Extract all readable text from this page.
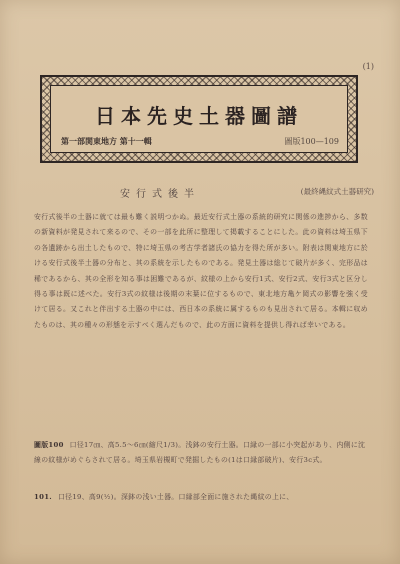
(1)
日本先史土器圖譜
第一部関東地方 第十一輯	圖版100—109
安行式後半	(最終縄紋式土器研究)
安行式後半の土器に就ては最も難く説明つかぬ。最近安行式土器の系統的研究に関係の進捗から、多数の新資料が発見されて来るので、その一部を此所に整理して掲載することにした。此の資料は埼玉県下の各遺跡から出土したもので、特に埼玉県の考古学者諸氏の協力を得た所が多い。附表は関東地方に於ける安行式後半土器の分布と、其の系統を示したものである。発見土器は総じて破片が多く、完形品は稀であるから、其の全形を知る事は困難であるが、紋様の上から安行1式、安行2式、安行3式と区分し得る事は既に述べた。安行3式の紋様は後期の末葉に位するもので、東北地方亀ケ岡式の影響を強く受けて居る。又これと伴出する土器の中には、西日本の系統に属するものも見出されて居る。本輯に収めたものは、其の種々の形態を示すべく選んだもので、此の方面に資料を提供し得れば幸いである。
圖版100 口径17㎝、高5.5〜6㎝(縮尺1/3)。浅鉢の安行土器。口縁の一部に小突起があり、内側に沈線の紋様がめぐらされて居る。埼玉県岩槻町で発掘したもの(1は口縁部破片)、安行3c式。
101. 口径19、高9(½)。深鉢の浅い土器。口縁部全面に施された縄紋の上に、
